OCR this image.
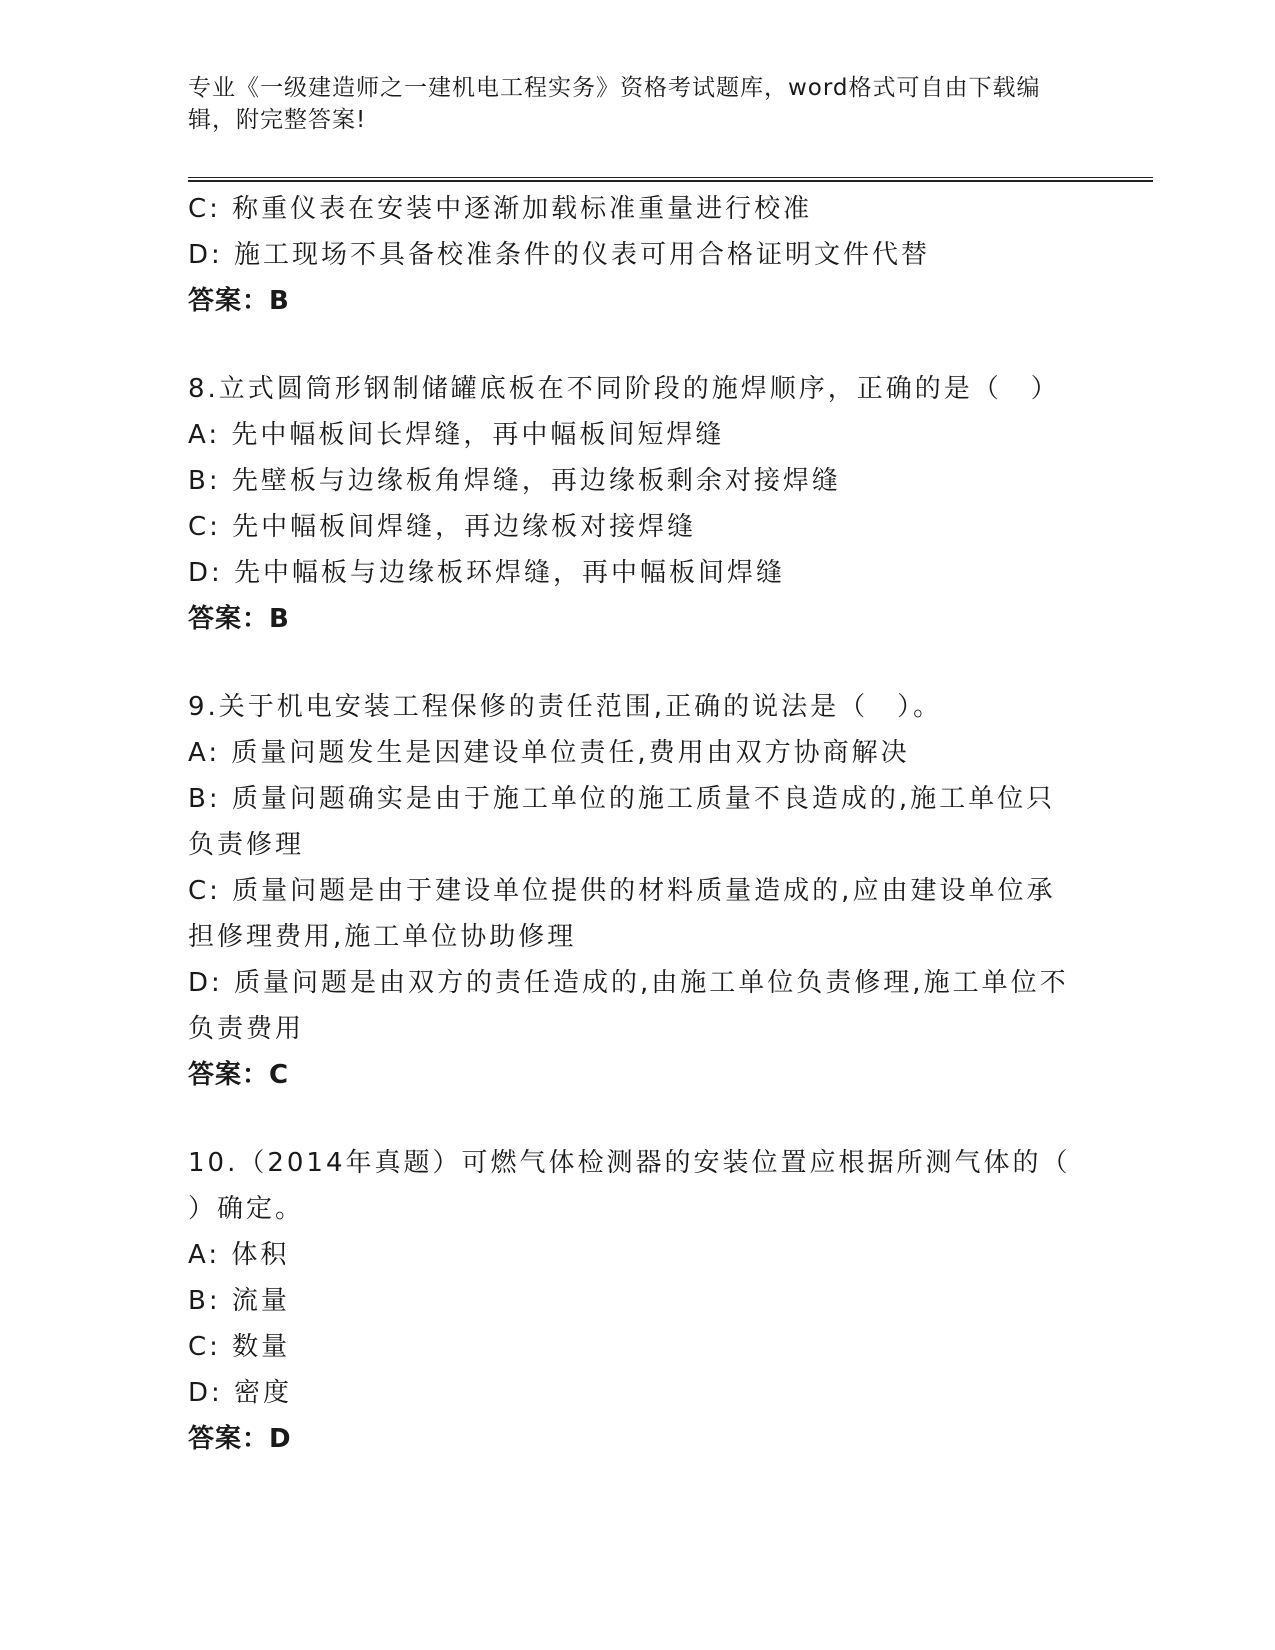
专业《一级建造师之一建机电工程实务》资格考试题库，word格式可自由下载编
辑，附完整答案!
C: 称重仪表在安装中逐渐加载标准重量进行校准
D: 施工现场不具备校准条件的仪表可用合格证明文件代替
答案：B
8.立式圆筒形钢制储罐底板在不同阶段的施焊顺序，正确的是（　）
A: 先中幅板间长焊缝，再中幅板间短焊缝
B: 先壁板与边缘板角焊缝，再边缘板剩余对接焊缝
C: 先中幅板间焊缝，再边缘板对接焊缝
D: 先中幅板与边缘板环焊缝，再中幅板间焊缝
答案：B
9.关于机电安装工程保修的责任范围,正确的说法是（　）。
A: 质量问题发生是因建设单位责任,费用由双方协商解决
B: 质量问题确实是由于施工单位的施工质量不良造成的,施工单位只
负责修理
C: 质量问题是由于建设单位提供的材料质量造成的,应由建设单位承
担修理费用,施工单位协助修理
D: 质量问题是由双方的责任造成的,由施工单位负责修理,施工单位不
负责费用
答案：C
10.（2014年真题）可燃气体检测器的安装位置应根据所测气体的（
）确定。
A: 体积
B: 流量
C: 数量
D: 密度
答案：D
